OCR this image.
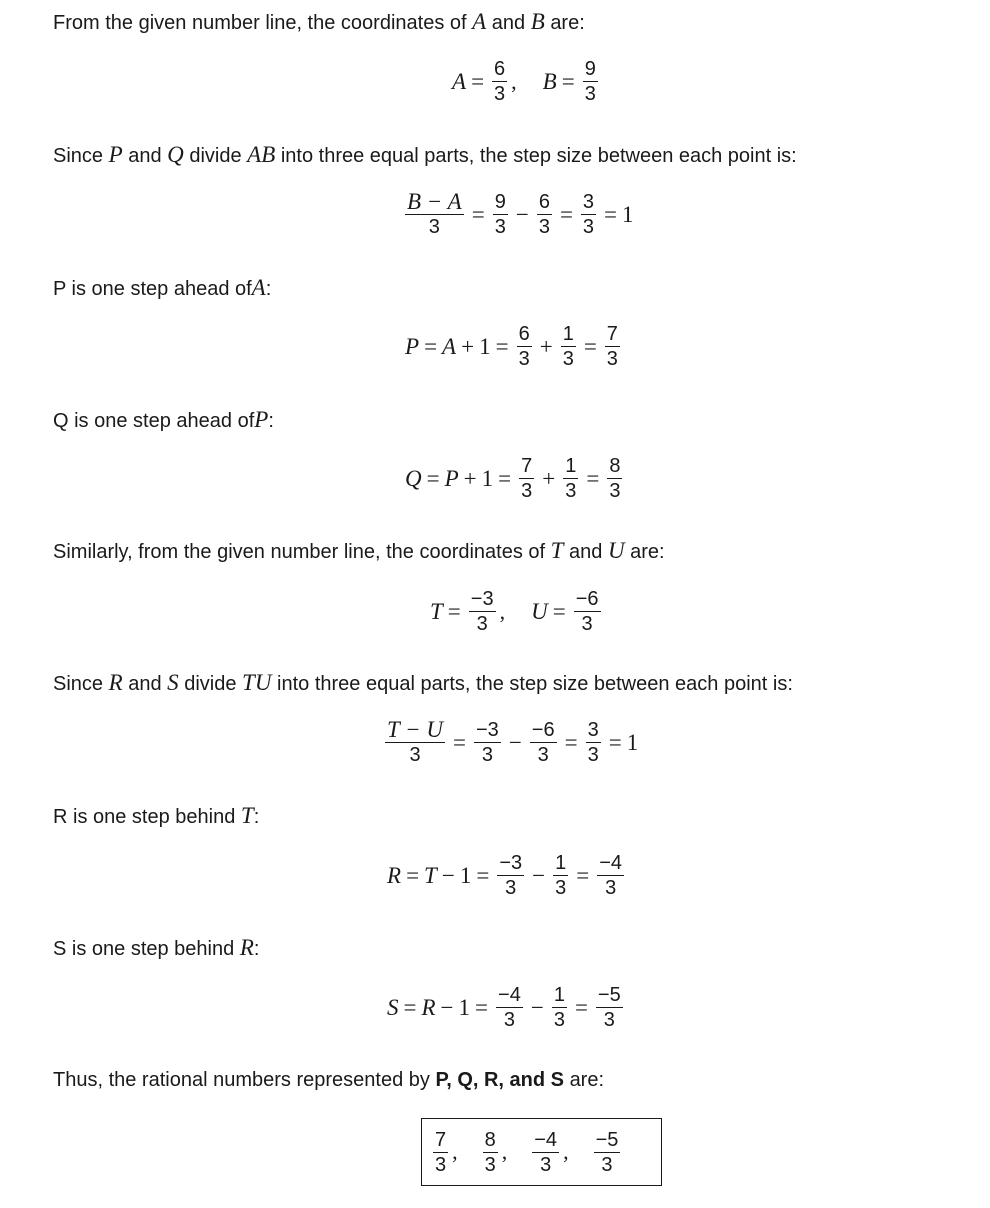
From the given number line, the coordinates of A and B are:
$A = \frac{6}{3}$ , $B = \frac{9}{3}$
Since P and Q divide AB into three equal parts, the step size between each point is:
$\frac{B - A}{3} = \frac{9}{3} - \frac{6}{3} = \frac{3}{3} = 1$
P is one step ahead ofA:
$P = A + 1 = \frac{6}{3} + \frac{1}{3} = \frac{7}{3}$
Q is one step ahead ofP:
$Q = P + 1 = \frac{7}{3} + \frac{1}{3} = \frac{8}{3}$
Similarly, from the given number line, the coordinates of T and U are:
$T = \frac{-3}{3}$ , $U = \frac{-6}{3}$
Since R and S divide TU into three equal parts, the step size between each point is:
$\frac{T - U}{3} = \frac{-3}{3} - \frac{-6}{3} = \frac{3}{3} = 1$
R is one step behind T:
$R = T - 1 = \frac{-3}{3} - \frac{1}{3} = \frac{-4}{3}$
S is one step behind R:
$S = R - 1 = \frac{-4}{3} - \frac{1}{3} = \frac{-5}{3}$
Thus, the rational numbers represented by P, Q, R, and S are:
$\frac{7}{3}$ , $\frac{8}{3}$ , $\frac{-4}{3}$ , $\frac{-5}{3}$
